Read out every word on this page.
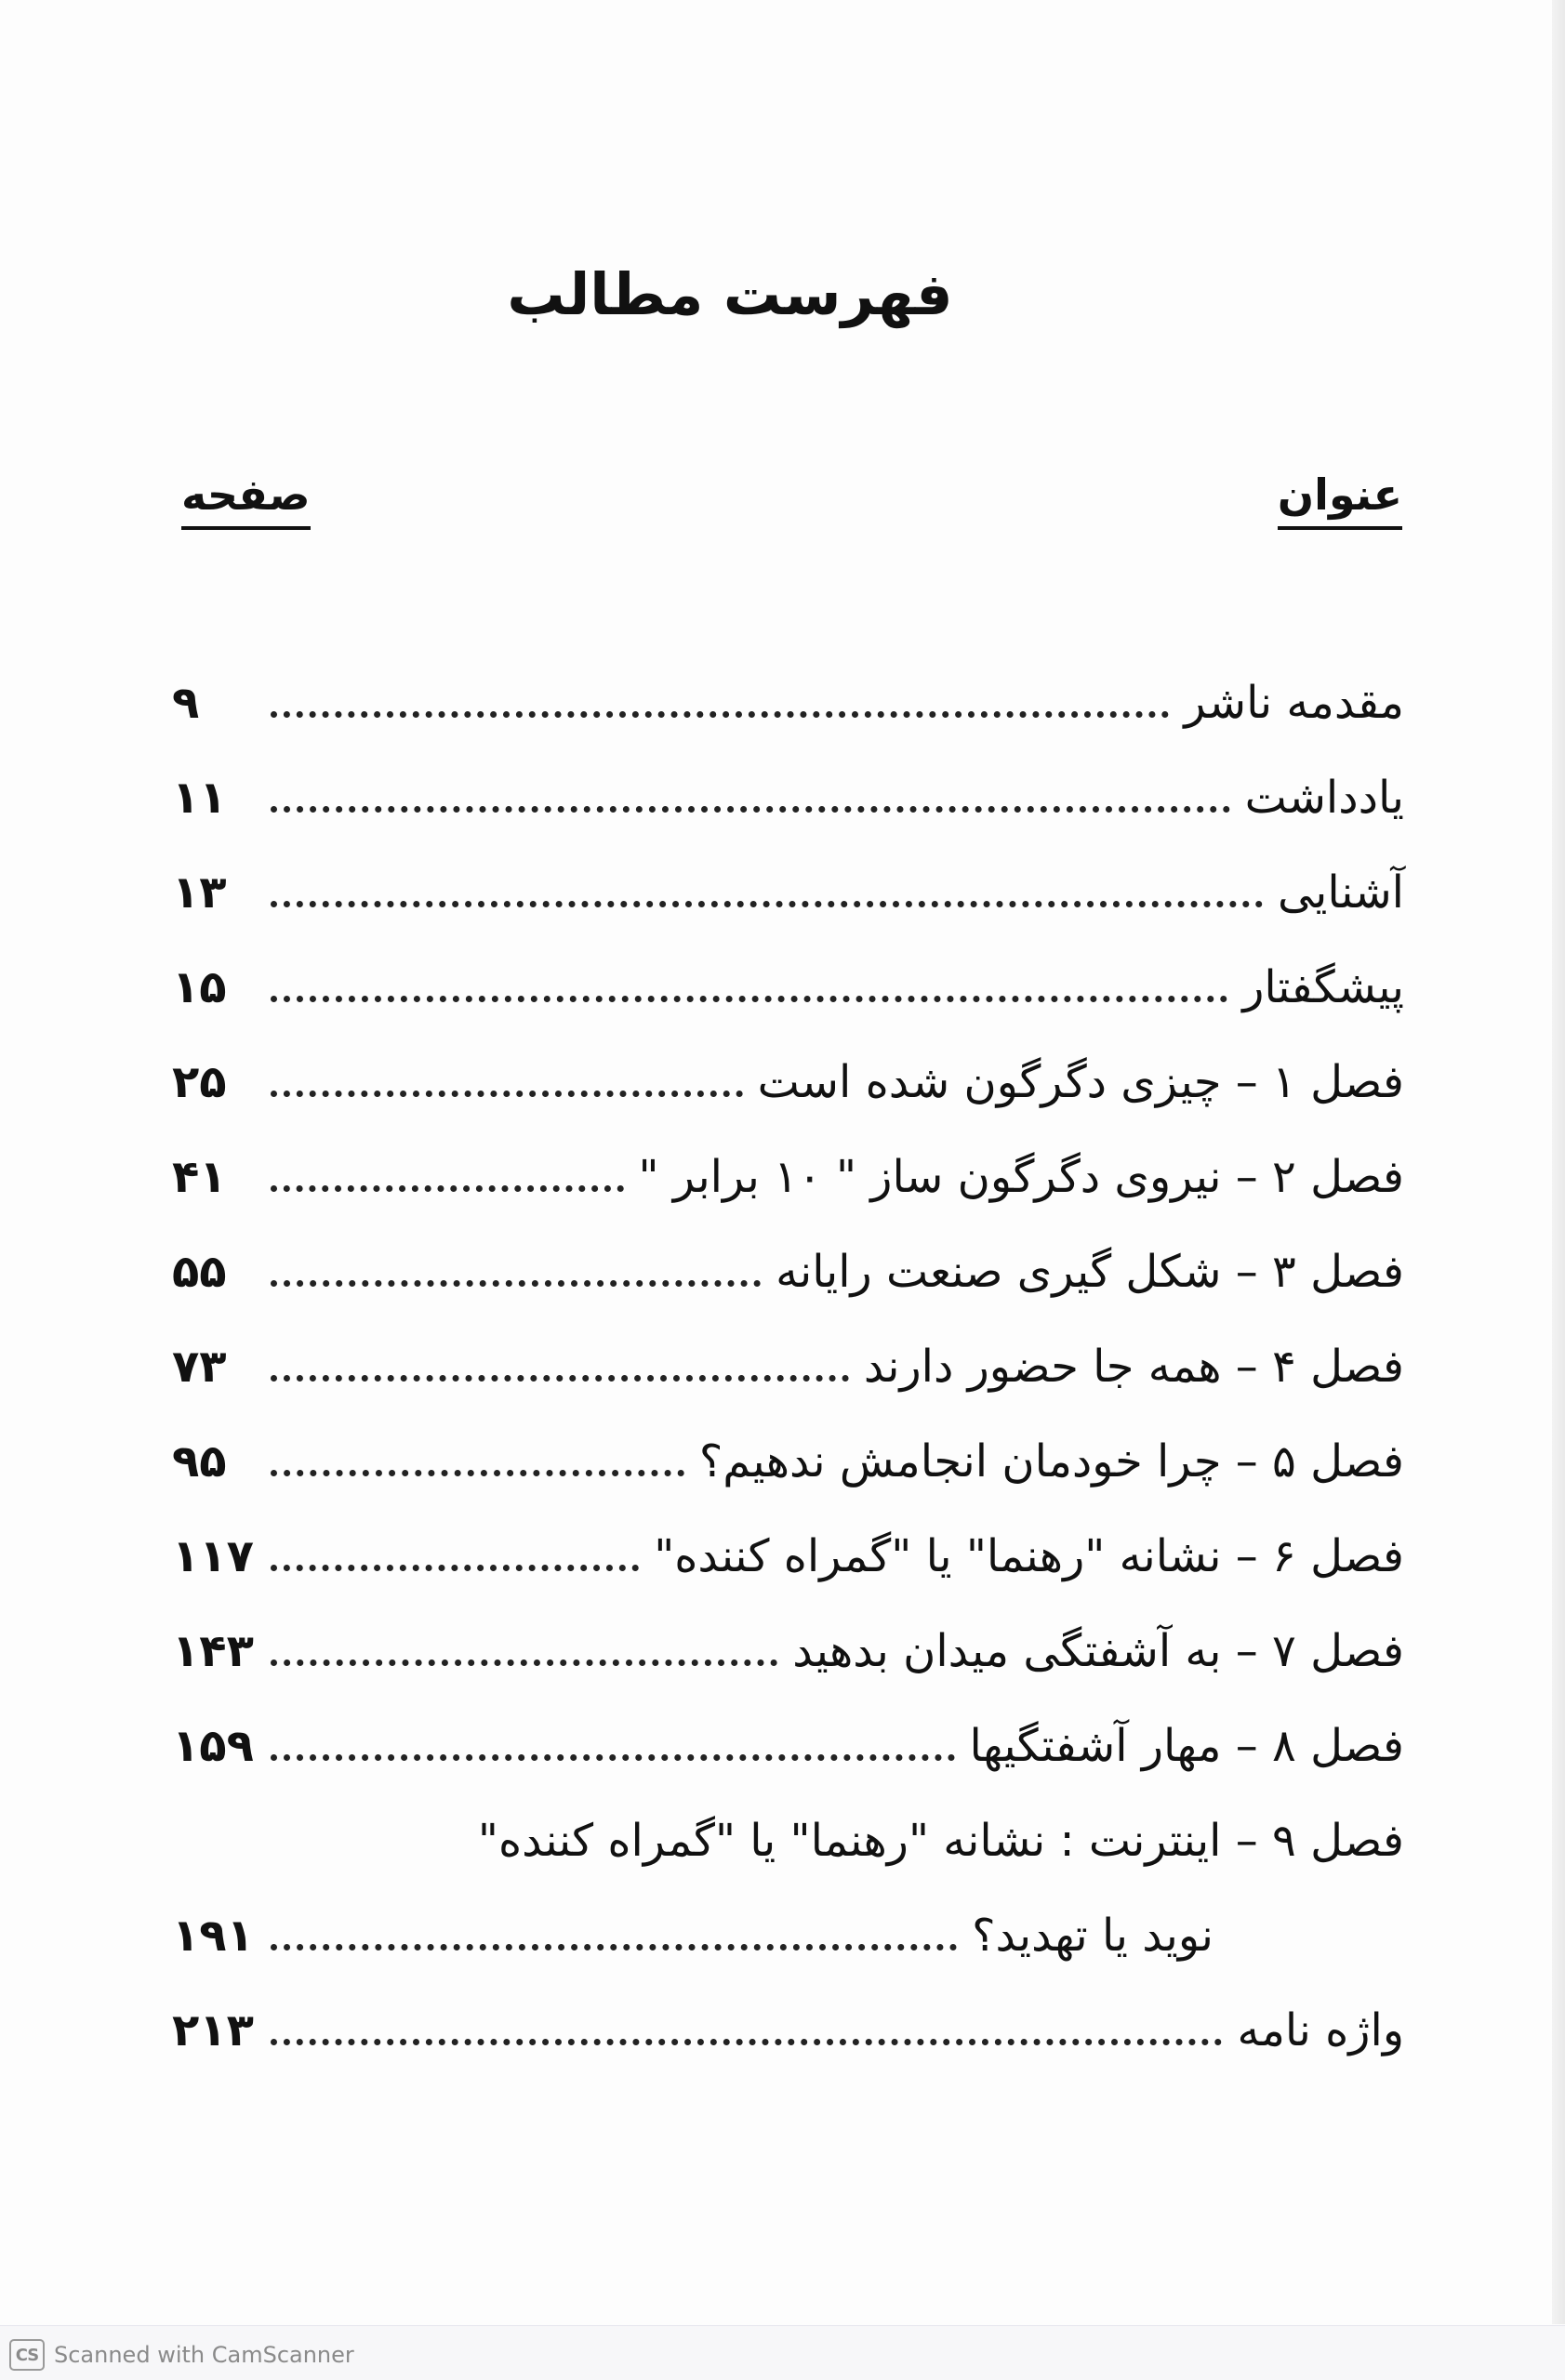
فهرست مطالب
عنوان
صفحه
مقدمه ناشر
۹
یادداشت
۱۱
آشنایی
۱۳
پیشگفتار
۱۵
فصل ۱ – چیزی دگرگون شده است
۲۵
فصل ۲ – نیروی دگرگون ساز " ۱۰ برابر "
۴۱
فصل ۳ – شکل گیری صنعت رایانه
۵۵
فصل ۴ – همه جا حضور دارند
۷۳
فصل ۵ – چرا خودمان انجامش ندهیم؟
۹۵
فصل ۶ – نشانه "رهنما" یا "گمراه کننده"
۱۱۷
فصل ۷ – به آشفتگی میدان بدهید
۱۴۳
فصل ۸ – مهار آشفتگیها
۱۵۹
فصل ۹ – اینترنت : نشانه "رهنما" یا "گمراه کننده"
نوید یا تهدید؟
۱۹۱
واژه نامه
۲۱۳
CS Scanned with CamScanner
